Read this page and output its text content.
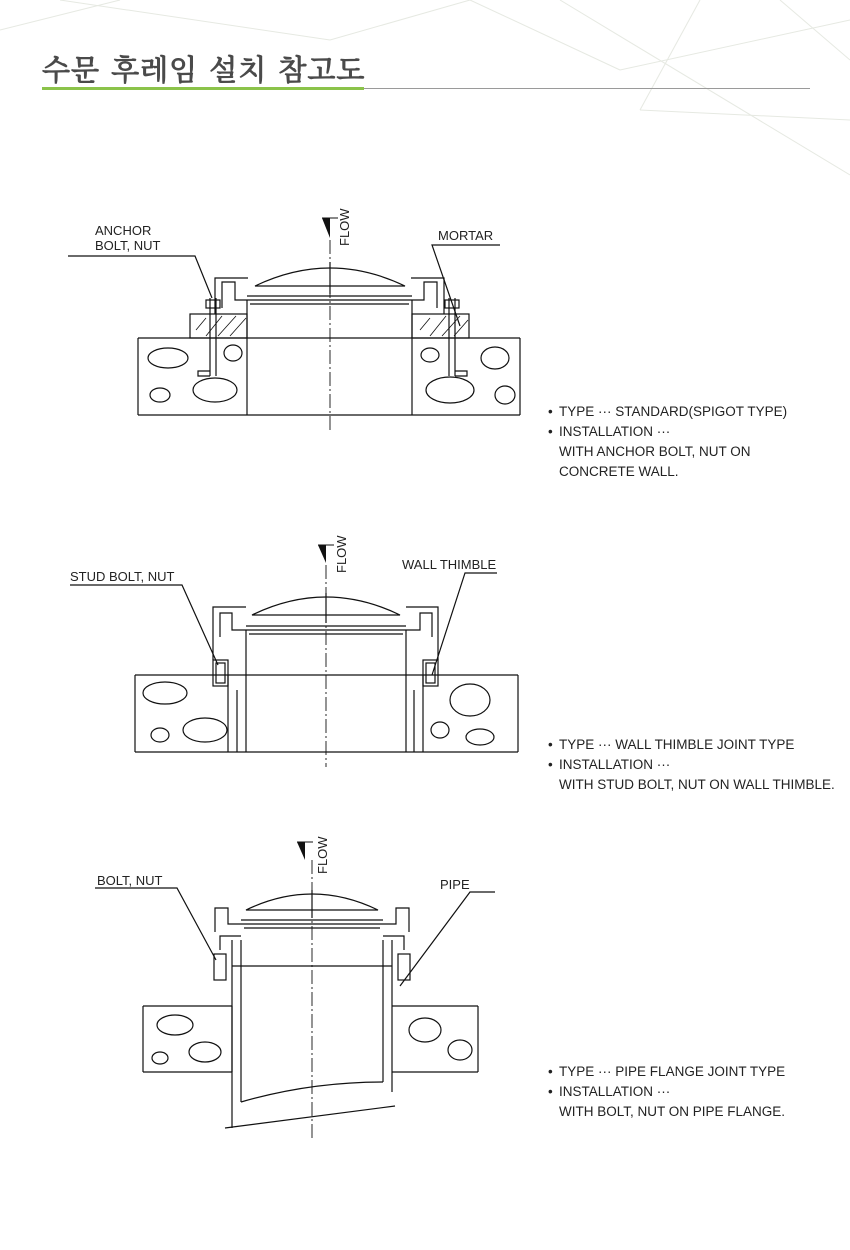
수문 후레임 설치 참고도
FLOW
ANCHOR
BOLT, NUT
MORTAR
• TYPE ··· STANDARD(SPIGOT TYPE)
• INSTALLATION ···
WITH ANCHOR BOLT, NUT ON
CONCRETE WALL.
FLOW
STUD BOLT, NUT
WALL THIMBLE
• TYPE ··· WALL THIMBLE JOINT TYPE
• INSTALLATION ···
WITH STUD BOLT, NUT ON WALL THIMBLE.
FLOW
BOLT, NUT	PIPE
• TYPE ··· PIPE FLANGE JOINT TYPE
• INSTALLATION ···
WITH BOLT, NUT ON PIPE FLANGE.
